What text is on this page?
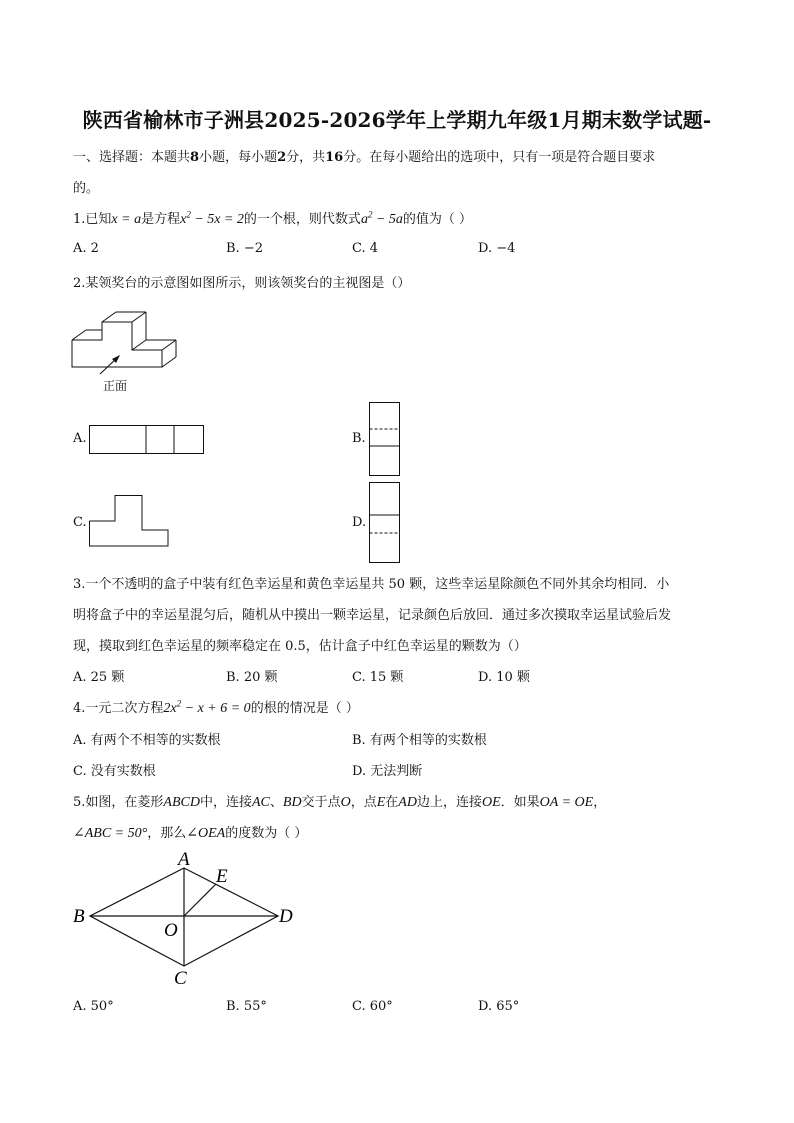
陕西省榆林市子洲县2025-2026学年上学期九年级1月期末数学试题-
一、选择题：本题共8小题，每小题2分，共16分。在每小题给出的选项中，只有一项是符合题目要求
的。
1.已知x = a是方程$x^2 - 5x = 2$的一个根，则代数式$a^2 - 5a$的值为（ ）
A. 2	B. −2	C. 4	D. −4
2.某领奖台的示意图如图所示，则该领奖台的主视图是（）
正面
A.	B.
C.	D.
3.一个不透明的盒子中装有红色幸运星和黄色幸运星共 50 颗，这些幸运星除颜色不同外其余均相同．小
明将盒子中的幸运星混匀后，随机从中摸出一颗幸运星，记录颜色后放回．通过多次摸取幸运星试验后发
现，摸取到红色幸运星的频率稳定在 0.5，估计盒子中红色幸运星的颗数为（）
A. 25 颗	B. 20 颗	C. 15 颗	D. 10 颗
4.一元二次方程$2x^2 - x + 6 = 0$的根的情况是（ ）
A. 有两个不相等的实数根	B. 有两个相等的实数根
C. 没有实数根	D. 无法判断
5.如图，在菱形ABCD中，连接AC、BD交于点O，点E在AD边上，连接OE．如果OA = OE，
∠ABC = 50°，那么∠OEA的度数为（ ）
A
B
C
D
E
O
A. 50°	B. 55°	C. 60°	D. 65°
